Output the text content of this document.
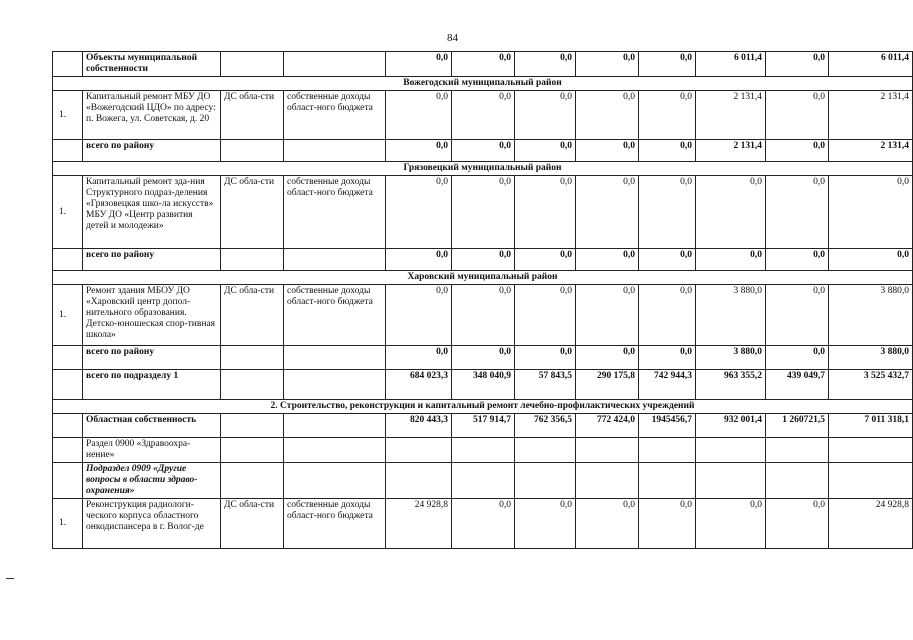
84
	Объекты муниципальной собственности			0,0	0,0	0,0	0,0	0,0	6 011,4	0,0	6 011,4
Вожегодский муниципальный район											
1.	Капитальный ремонт МБУ ДО «Вожегодский ЦДО» по адресу: п. Вожега, ул. Советская, д. 20	ДС обла-сти	собственные доходы област-ного бюджета	0,0	0,0	0,0	0,0	0,0	2 131,4	0,0	2 131,4
	всего по району			0,0	0,0	0,0	0,0	0,0	2 131,4	0,0	2 131,4
Грязовецкий муниципальный район											
1.	Капитальный ремонт зда-ния Структурного подраз-деления «Грязовецкая шко-ла искусств» МБУ ДО «Центр развития детей и молодежи»	ДС обла-сти	собственные доходы област-ного бюджета	0,0	0,0	0,0	0,0	0,0	0,0	0,0	0,0
	всего по району			0,0	0,0	0,0	0,0	0,0	0,0	0,0	0,0
Харовский муниципальный район											
1.	Ремонт здания МБОУ ДО «Харовский центр допол-нительного образования. Детско-юношеская спор-тивная школа»	ДС обла-сти	собственные доходы област-ного бюджета	0,0	0,0	0,0	0,0	0,0	3 880,0	0,0	3 880,0
	всего по району			0,0	0,0	0,0	0,0	0,0	3 880,0	0,0	3 880,0
	всего по подразделу 1			684 023,3	348 040,9	57 843,5	290 175,8	742 944,3	963 355,2	439 049,7	3 525 432,7
2. Строительство, реконструкция и капитальный ремонт лечебно-профилактических учреждений											
	Областная собственность			820 443,3	517 914,7	762 356,5	772 424,0	1945456,7	932 001,4	1 260721,5	7 011 318,1
	Раздел 0900 «Здравоохра-нение»										
	Подраздел 0909 «Другие вопросы в области здраво-охранения»										
1.	Реконструкция радиологи-ческого корпуса областного онкодиспансера в г. Волог-де	ДС обла-сти	собственные доходы област-ного бюджета	24 928,8	0,0	0,0	0,0	0,0	0,0	0,0	24 928,8
